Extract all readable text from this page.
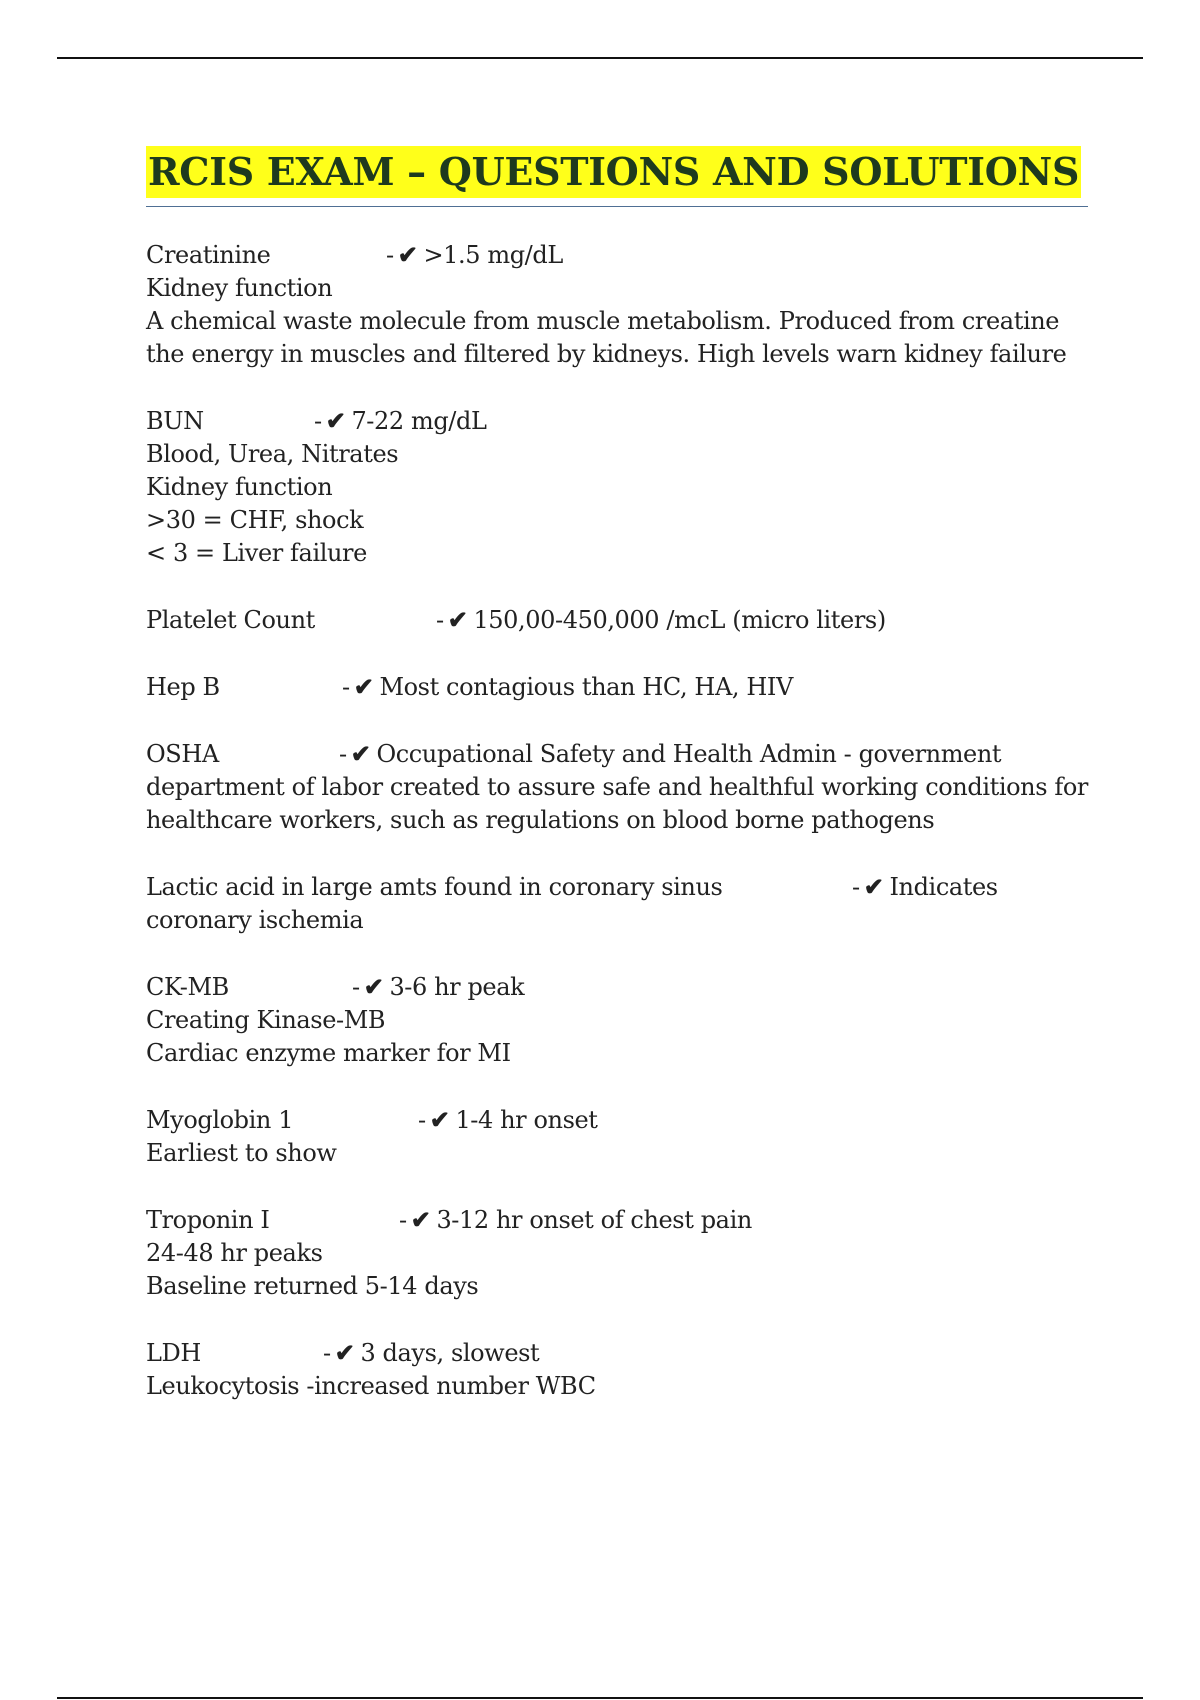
RCIS EXAM – QUESTIONS AND SOLUTIONS
Creatinine	- ✔ >1.5 mg/dL
Kidney function
A chemical waste molecule from muscle metabolism. Produced from creatine the energy in muscles and filtered by kidneys. High levels warn kidney failure
BUN	- ✔ 7-22 mg/dL
Blood, Urea, Nitrates
Kidney function
>30 = CHF, shock
< 3 = Liver failure
Platelet Count	- ✔ 150,00-450,000 /mcL (micro liters)
Hep B	- ✔ Most contagious than HC, HA, HIV
OSHA	- ✔ Occupational Safety and Health Admin - government department of labor created to assure safe and healthful working conditions for healthcare workers, such as regulations on blood borne pathogens
Lactic acid in large amts found in coronary sinus	- ✔ Indicates coronary ischemia
CK-MB	- ✔ 3-6 hr peak
Creating Kinase-MB
Cardiac enzyme marker for MI
Myoglobin 1	- ✔ 1-4 hr onset
Earliest to show
Troponin I	- ✔ 3-12 hr onset of chest pain
24-48 hr peaks
Baseline returned 5-14 days
LDH	- ✔ 3 days, slowest
Leukocytosis -increased number WBC
